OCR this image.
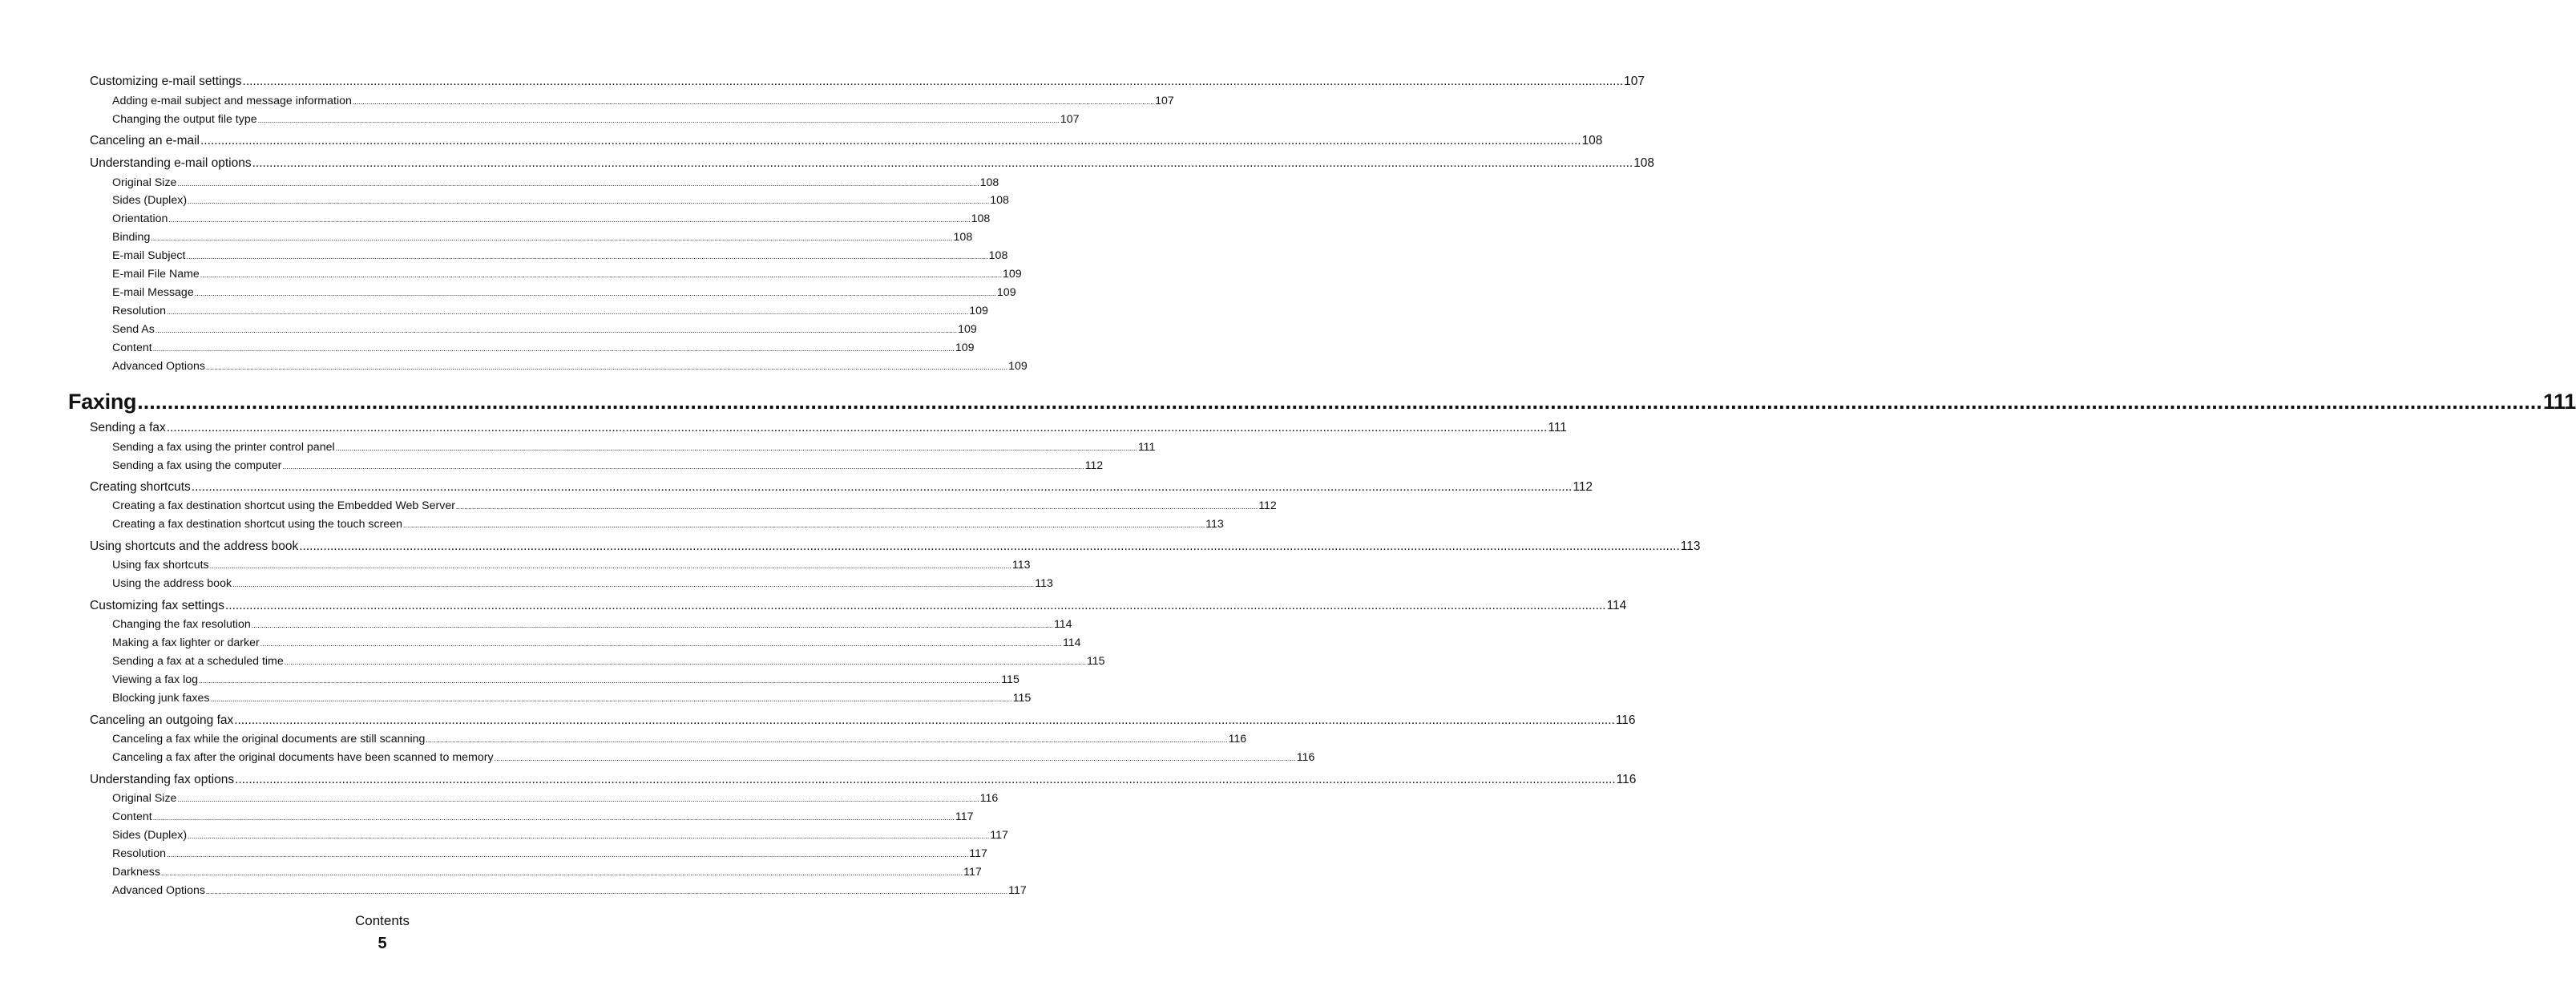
Customizing e-mail settings ................................................................................................................................................................................................................................................................................................................................................................................................................ 107
Adding e-mail subject and message information ................................................................................................................................................................................................................................................................................................................................................................................................................ 107
Changing the output file type ................................................................................................................................................................................................................................................................................................................................................................................................................ 107
Canceling an e-mail ................................................................................................................................................................................................................................................................................................................................................................................................................ 108
Understanding e-mail options ................................................................................................................................................................................................................................................................................................................................................................................................................ 108
Original Size ................................................................................................................................................................................................................................................................................................................................................................................................................ 108
Sides (Duplex) ................................................................................................................................................................................................................................................................................................................................................................................................................ 108
Orientation ................................................................................................................................................................................................................................................................................................................................................................................................................ 108
Binding ................................................................................................................................................................................................................................................................................................................................................................................................................ 108
E-mail Subject ................................................................................................................................................................................................................................................................................................................................................................................................................ 108
E-mail File Name ................................................................................................................................................................................................................................................................................................................................................................................................................ 109
E-mail Message ................................................................................................................................................................................................................................................................................................................................................................................................................ 109
Resolution ................................................................................................................................................................................................................................................................................................................................................................................................................ 109
Send As ................................................................................................................................................................................................................................................................................................................................................................................................................ 109
Content ................................................................................................................................................................................................................................................................................................................................................................................................................ 109
Advanced Options ................................................................................................................................................................................................................................................................................................................................................................................................................ 109
Faxing ................................................................................................................................................................................................................................................................................................................................................................................................................ 111
Sending a fax ................................................................................................................................................................................................................................................................................................................................................................................................................ 111
Sending a fax using the printer control panel ................................................................................................................................................................................................................................................................................................................................................................................................................ 111
Sending a fax using the computer ................................................................................................................................................................................................................................................................................................................................................................................................................ 112
Creating shortcuts ................................................................................................................................................................................................................................................................................................................................................................................................................ 112
Creating a fax destination shortcut using the Embedded Web Server ................................................................................................................................................................................................................................................................................................................................................................................................................ 112
Creating a fax destination shortcut using the touch screen ................................................................................................................................................................................................................................................................................................................................................................................................................ 113
Using shortcuts and the address book ................................................................................................................................................................................................................................................................................................................................................................................................................ 113
Using fax shortcuts ................................................................................................................................................................................................................................................................................................................................................................................................................ 113
Using the address book ................................................................................................................................................................................................................................................................................................................................................................................................................ 113
Customizing fax settings ................................................................................................................................................................................................................................................................................................................................................................................................................ 114
Changing the fax resolution ................................................................................................................................................................................................................................................................................................................................................................................................................ 114
Making a fax lighter or darker ................................................................................................................................................................................................................................................................................................................................................................................................................ 114
Sending a fax at a scheduled time ................................................................................................................................................................................................................................................................................................................................................................................................................ 115
Viewing a fax log ................................................................................................................................................................................................................................................................................................................................................................................................................ 115
Blocking junk faxes ................................................................................................................................................................................................................................................................................................................................................................................................................ 115
Canceling an outgoing fax ................................................................................................................................................................................................................................................................................................................................................................................................................ 116
Canceling a fax while the original documents are still scanning ................................................................................................................................................................................................................................................................................................................................................................................................................ 116
Canceling a fax after the original documents have been scanned to memory ................................................................................................................................................................................................................................................................................................................................................................................................................ 116
Understanding fax options ................................................................................................................................................................................................................................................................................................................................................................................................................ 116
Original Size ................................................................................................................................................................................................................................................................................................................................................................................................................ 116
Content ................................................................................................................................................................................................................................................................................................................................................................................................................ 117
Sides (Duplex) ................................................................................................................................................................................................................................................................................................................................................................................................................ 117
Resolution ................................................................................................................................................................................................................................................................................................................................................................................................................ 117
Darkness ................................................................................................................................................................................................................................................................................................................................................................................................................ 117
Advanced Options ................................................................................................................................................................................................................................................................................................................................................................................................................ 117
Contents
5
